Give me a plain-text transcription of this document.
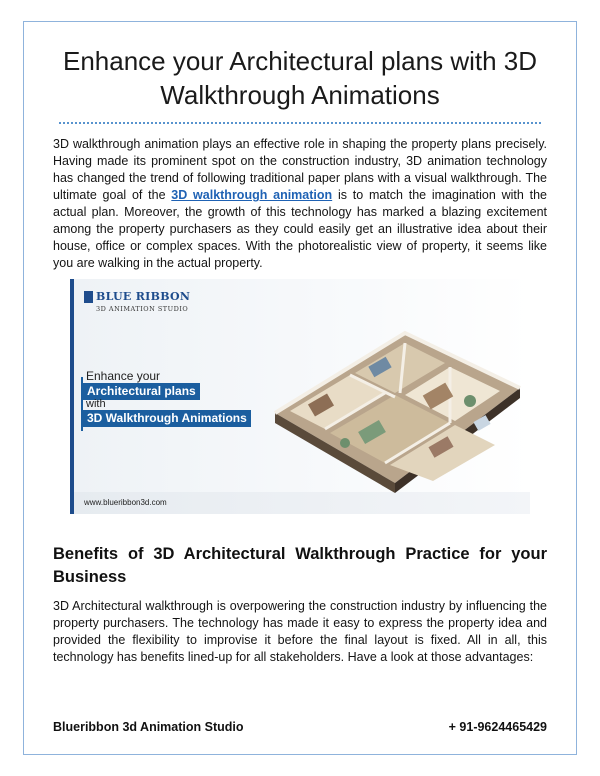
Enhance your Architectural plans with 3D Walkthrough Animations

3D walkthrough animation plays an effective role in shaping the property plans precisely. Having made its prominent spot on the construction industry, 3D animation technology has changed the trend of following traditional paper plans with a visual walkthrough. The ultimate goal of the 3D walkthrough animation is to match the imagination with the actual plan. Moreover, the growth of this technology has marked a blazing excitement among the property purchasers as they could easily get an illustrative idea about their house, office or complex spaces. With the photorealistic view of property, it seems like you are walking in the actual property.

BLUE RIBBON
3D ANIMATION STUDIO
Enhance your
Architectural plans
with
3D Walkthrough Animations
www.blueribbon3d.com
Benefits of 3D Architectural Walkthrough Practice for your Business

3D Architectural walkthrough is overpowering the construction industry by influencing the property purchasers. The technology has made it easy to express the property idea and provided the flexibility to improvise it before the final layout is fixed. All in all, this technology has benefits lined-up for all stakeholders. Have a look at those advantages:

Blueribbon 3d Animation Studio	+ 91-9624465429
